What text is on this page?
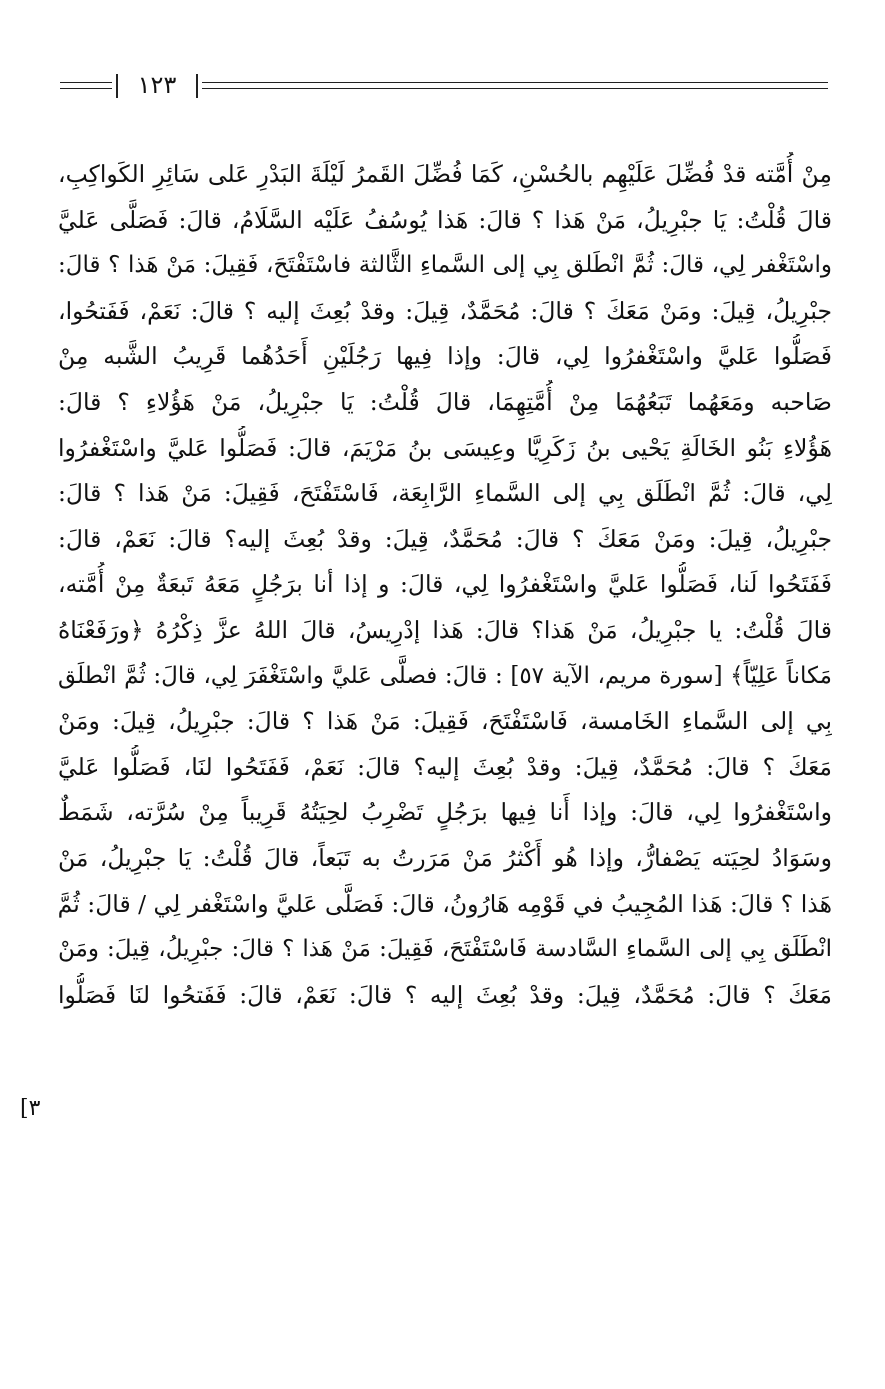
١٢٣
مِنْ أُمَّته قدْ فُضِّلَ عَلَيْهِم بالحُسْنِ، كَمَا فُضِّلَ القَمرُ لَيْلَةَ البَدْرِ عَلى سَائِرِ الكَواكِبِ،
قالَ قُلْتُ: يَا جبْرِيلُ، مَنْ هَذا ؟ قالَ: هَذا يُوسُفُ عَلَيْه السَّلَامُ، قالَ: فَصَلَّى عَليَّ
واسْتَغْفر لِي، قالَ: ثُمَّ انْطَلق بِي إلى السَّماءِ الثَّالثة فاسْتَفْتَحَ، فَقِيلَ: مَنْ هَذا ؟ قالَ:
جبْرِيلُ، قِيلَ: ومَنْ مَعَكَ ؟ قالَ: مُحَمَّدٌ، قِيلَ: وقدْ بُعِثَ إليه ؟ قالَ: نَعَمْ، فَفَتحُوا،
فَصَلُّوا عَليَّ واسْتَغْفرُوا لِي، قالَ: وإذا فِيها رَجُلَيْنِ أَحَدُهُما قَرِيبُ الشَّبه مِنْ
صَاحبه ومَعَهُما تَبَعُهُمَا مِنْ أُمَّتِهِمَا، قالَ قُلْتُ: يَا جبْرِيلُ، مَنْ هَؤُلاءِ ؟ قالَ:
هَؤُلاءِ بَنُو الخَالَةِ يَحْيى بنُ زَكَرِيَّا وعِيسَى بنُ مَرْيَمَ، قالَ: فَصَلُّوا عَليَّ واسْتَغْفرُوا
لِي، قالَ: ثُمَّ انْطَلَق بِي إلى السَّماءِ الرَّابِعَة، فَاسْتَفْتَحَ، فَقِيلَ: مَنْ هَذا ؟ قالَ:
جبْرِيلُ، قِيلَ: ومَنْ مَعَكَ ؟ قالَ: مُحَمَّدٌ، قِيلَ: وقدْ بُعِثَ إليه؟ قالَ: نَعَمْ، قالَ:
فَفَتَحُوا لَنا، فَصَلُّوا عَليَّ واسْتَغْفرُوا لِي، قالَ: و إذا أنا برَجُلٍ مَعَهُ تَبعَةٌ مِنْ أُمَّته،
قالَ قُلْتُ: يا جبْرِيلُ، مَنْ هَذا؟ قالَ: هَذا إدْرِيسُ، قالَ اللهُ عزَّ ذِكْرُهُ ﴿ورَفَعْنَاهُ
مَكاناً عَلِيّاً﴾ [سورة مريم، الآية ٥٧] : قالَ: فصلَّى عَليَّ واسْتَغْفَرَ لِي، قالَ: ثُمَّ انْطلَق
بِي إلى السَّماءِ الخَامسة، فَاسْتَفْتَحَ، فَقِيلَ: مَنْ هَذا ؟ قالَ: جبْرِيلُ، قِيلَ: ومَنْ
مَعَكَ ؟ قالَ: مُحَمَّدٌ، قِيلَ: وقدْ بُعِثَ إليه؟ قالَ: نَعَمْ، فَفَتَحُوا لنَا، فَصَلُّوا عَليَّ
واسْتَغْفرُوا لِي، قالَ: وإذا أَنا فِيها برَجُلٍ تَضْرِبُ لحِيَتُهُ قَرِيباً مِنْ سُرَّته، شَمَطٌ
وسَوَادُ لحِيَته يَصْفارُّ، وإذا هُو أَكْثرُ مَنْ مَرَرتُ به تَبَعاً، قالَ قُلْتُ: يَا جبْرِيلُ، مَنْ
هَذا ؟ قالَ: هَذا المُجِيبُ في قَوْمِه هَارُونُ، قالَ: فَصَلَّى عَليَّ واسْتَغْفر لِي / قالَ: ثُمَّ
انْطَلَق بِي إلى السَّماءِ السَّادسة فَاسْتَفْتَحَ، فَقِيلَ: مَنْ هَذا ؟ قالَ: جبْرِيلُ، قِيلَ: ومَنْ
مَعَكَ ؟ قالَ: مُحَمَّدٌ، قِيلَ: وقدْ بُعِثَ إليه ؟ قالَ: نَعَمْ، قالَ: فَفَتحُوا لنَا فَصَلُّوا
[٣
